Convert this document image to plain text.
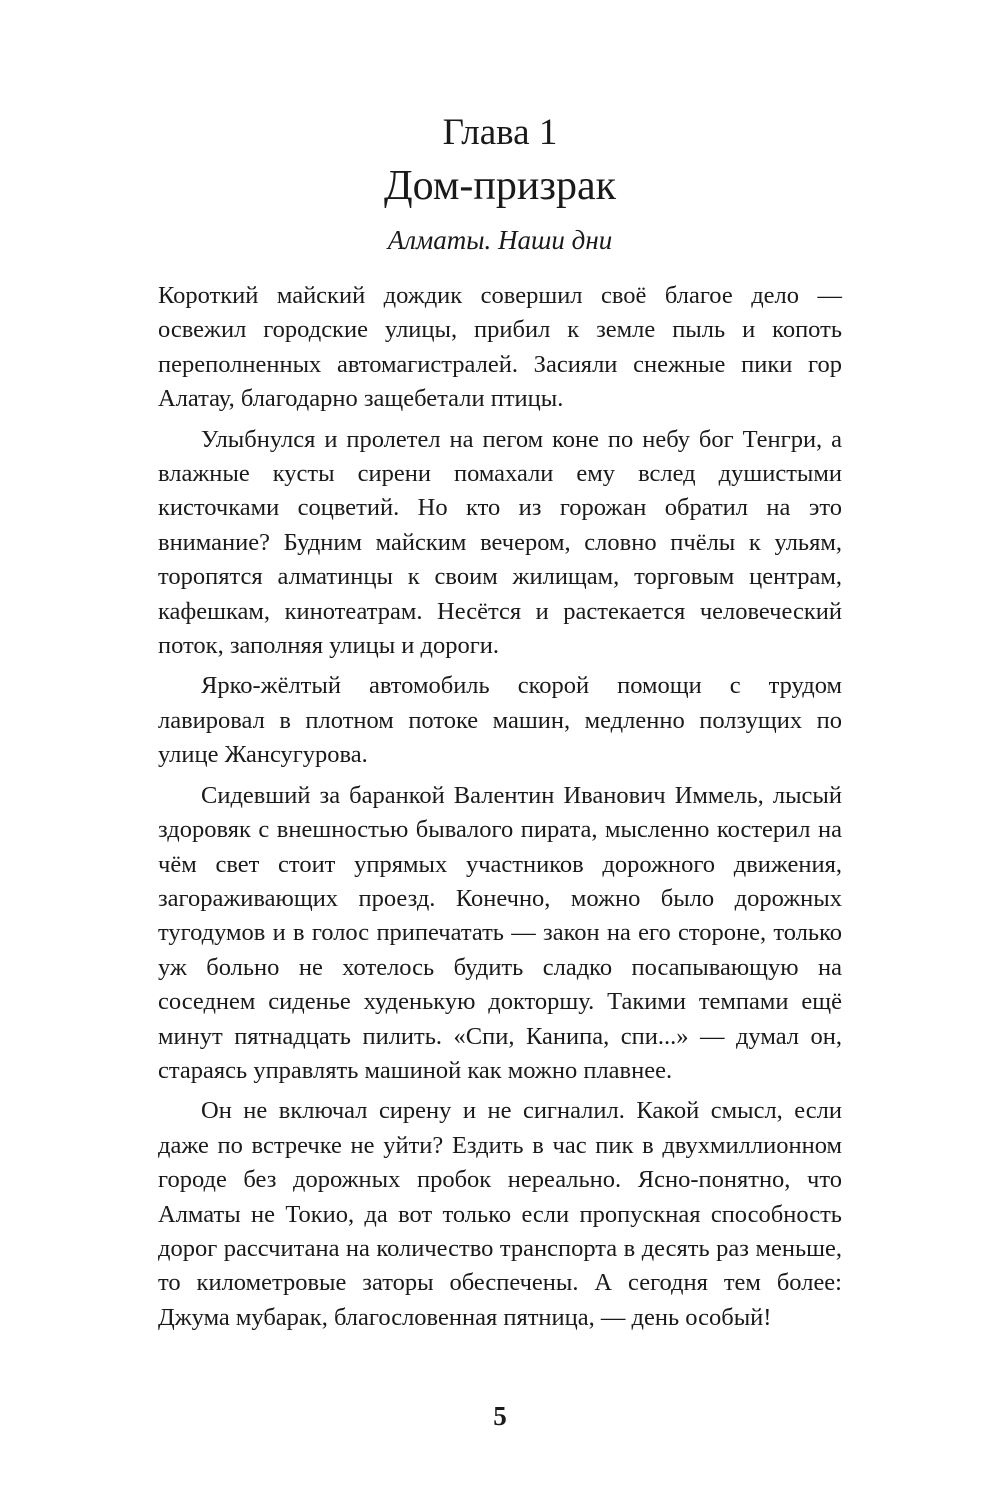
Глава 1
Дом-призрак
Алматы. Наши дни

Короткий майский дождик совершил своё благое дело — освежил городские улицы, прибил к земле пыль и копоть переполненных автомагистралей. Засияли снежные пики гор Алатау, благодарно защебетали птицы.

Улыбнулся и пролетел на пегом коне по небу бог Тенгри, а влажные кусты сирени помахали ему вслед душистыми кисточками соцветий. Но кто из горожан обратил на это внимание? Будним майским вечером, словно пчёлы к ульям, торопятся алматинцы к своим жилищам, торговым центрам, кафешкам, кинотеатрам. Несётся и растекается человеческий поток, заполняя улицы и дороги.

Ярко-жёлтый автомобиль скорой помощи с трудом лавировал в плотном потоке машин, медленно ползущих по улице Жансугурова.

Сидевший за баранкой Валентин Иванович Иммель, лысый здоровяк с внешностью бывалого пирата, мысленно костерил на чём свет стоит упрямых участников дорожного движения, загораживающих проезд. Конечно, можно было дорожных тугодумов и в голос припечатать — закон на его стороне, только уж больно не хотелось будить сладко посапывающую на соседнем сиденье худенькую докторшу. Такими темпами ещё минут пятнадцать пилить. «Спи, Канипа, спи...» — думал он, стараясь управлять машиной как можно плавнее.

Он не включал сирену и не сигналил. Какой смысл, если даже по встречке не уйти? Ездить в час пик в двухмиллионном городе без дорожных пробок нереально. Ясно-понятно, что Алматы не Токио, да вот только если пропускная способность дорог рассчитана на количество транспорта в десять раз меньше, то километровые заторы обеспечены. А сегодня тем более: Джума мубарак, благословенная пятница, — день особый!

5
